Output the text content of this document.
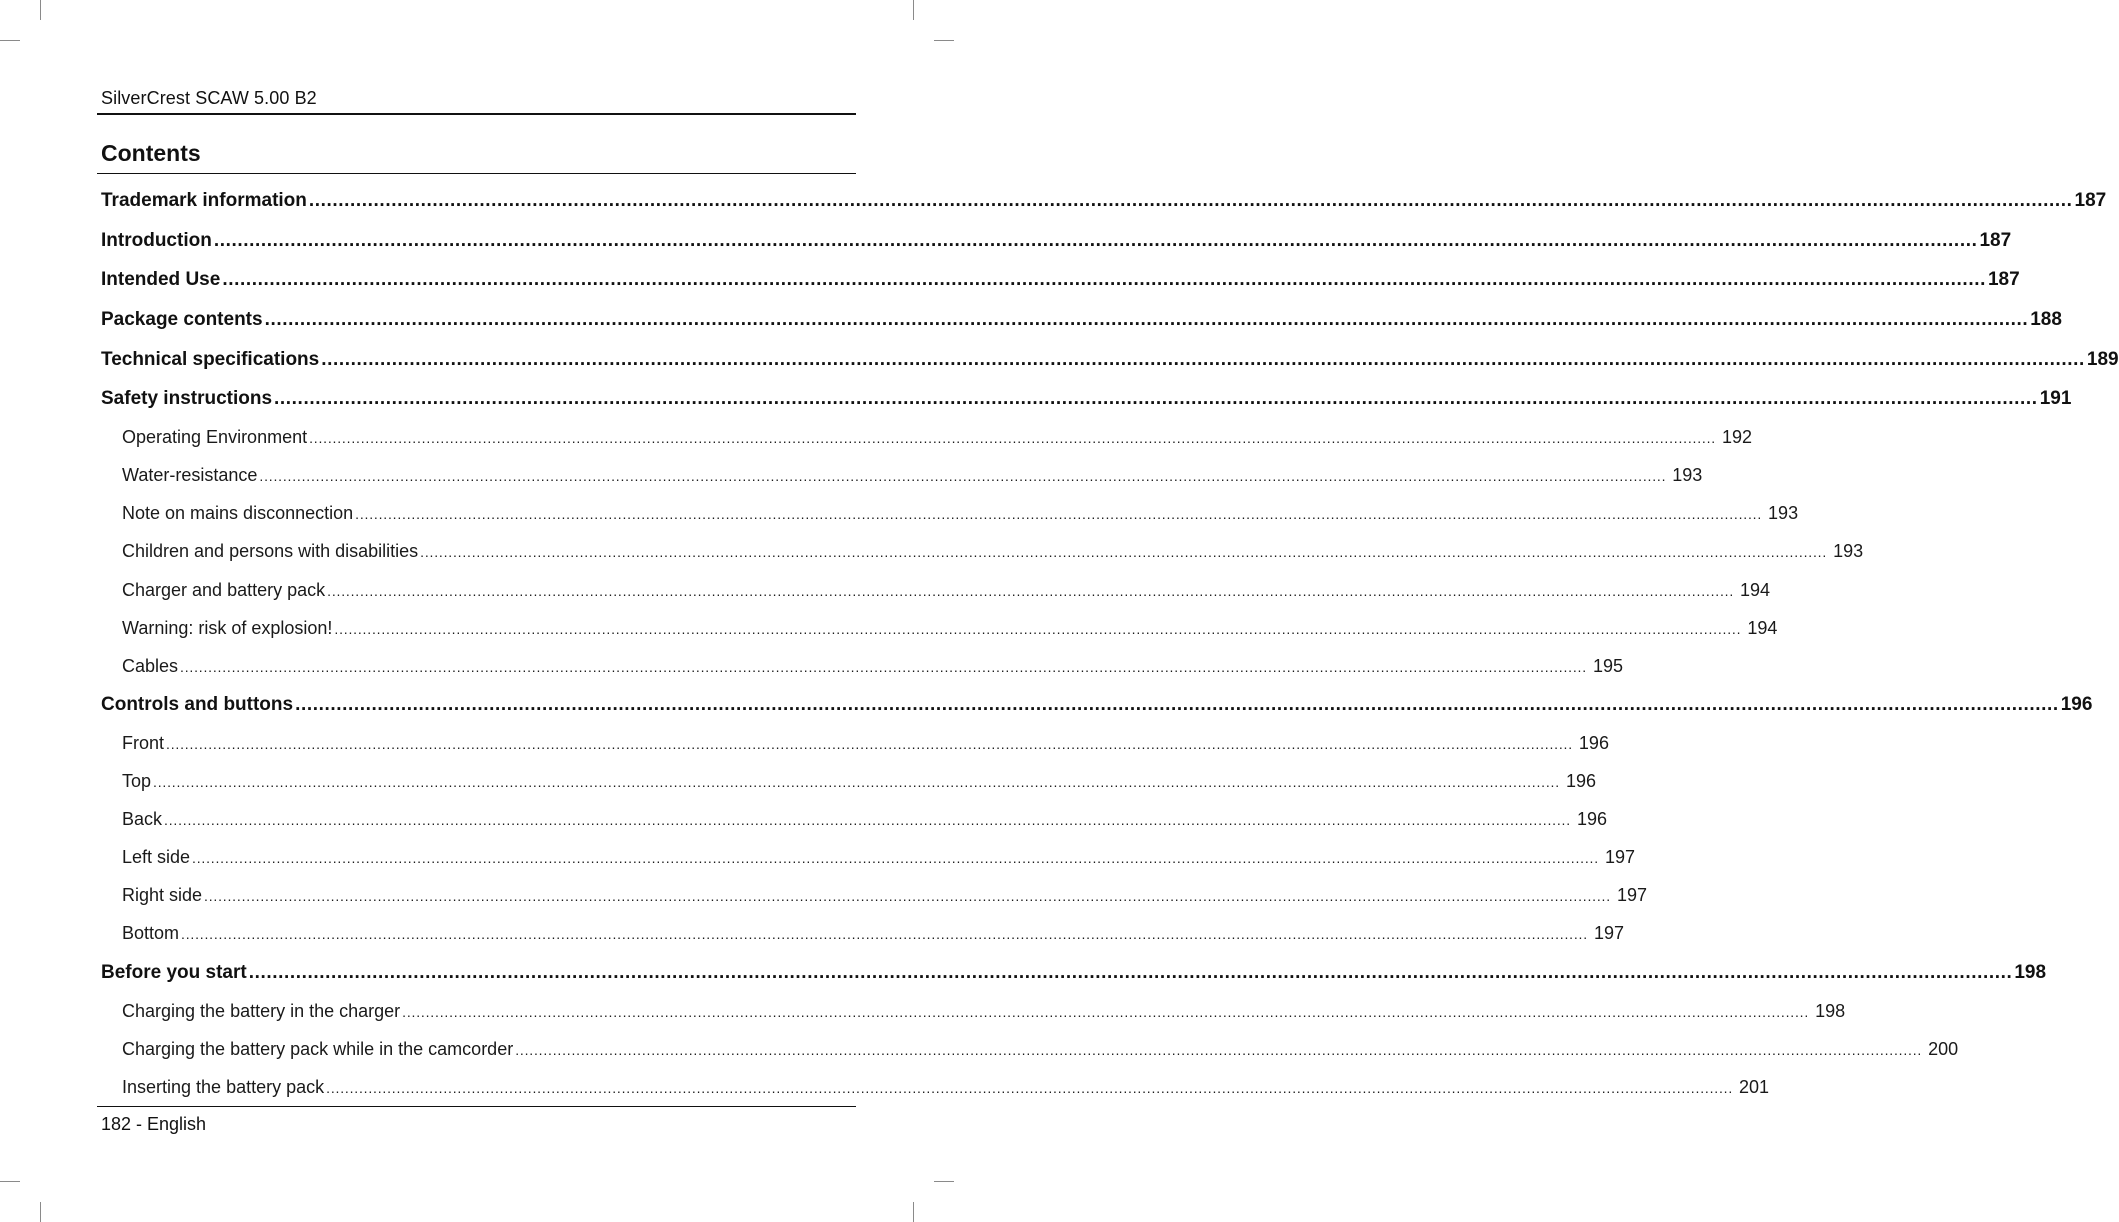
SilverCrest SCAW 5.00 B2
Contents
Trademark information ............................................................................................................................................................................................................................................................................................................ 187
Introduction ............................................................................................................................................................................................................................................................................................................ 187
Intended Use ............................................................................................................................................................................................................................................................................................................ 187
Package contents ............................................................................................................................................................................................................................................................................................................ 188
Technical specifications ............................................................................................................................................................................................................................................................................................................ 189
Safety instructions ............................................................................................................................................................................................................................................................................................................ 191
Operating Environment ............................................................................................................................................................................................................................................................................................................ 192
Water-resistance ............................................................................................................................................................................................................................................................................................................ 193
Note on mains disconnection ............................................................................................................................................................................................................................................................................................................ 193
Children and persons with disabilities ............................................................................................................................................................................................................................................................................................................ 193
Charger and battery pack ............................................................................................................................................................................................................................................................................................................ 194
Warning: risk of explosion! ............................................................................................................................................................................................................................................................................................................ 194
Cables ............................................................................................................................................................................................................................................................................................................ 195
Controls and buttons ............................................................................................................................................................................................................................................................................................................ 196
Front ............................................................................................................................................................................................................................................................................................................ 196
Top ............................................................................................................................................................................................................................................................................................................ 196
Back ............................................................................................................................................................................................................................................................................................................ 196
Left side ............................................................................................................................................................................................................................................................................................................ 197
Right side ............................................................................................................................................................................................................................................................................................................ 197
Bottom ............................................................................................................................................................................................................................................................................................................ 197
Before you start ............................................................................................................................................................................................................................................................................................................ 198
Charging the battery in the charger ............................................................................................................................................................................................................................................................................................................ 198
Charging the battery pack while in the camcorder ............................................................................................................................................................................................................................................................................................................ 200
Inserting the battery pack ............................................................................................................................................................................................................................................................................................................ 201
182 - English
